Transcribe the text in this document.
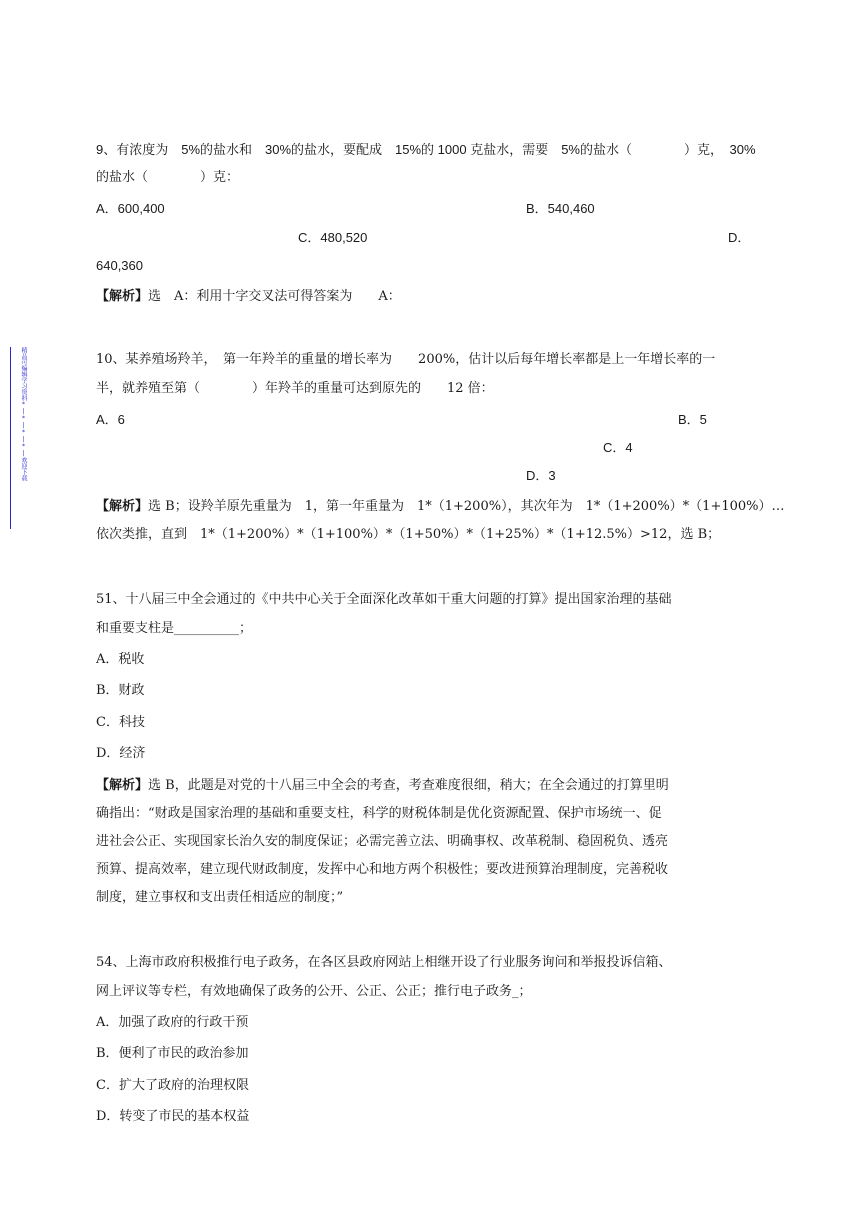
精品可编辑学习资料*|*|*|*|欢迎下载
9、有浓度为　5%的盐水和　30%的盐水，要配成　15%的 1000 克盐水，需要　5%的盐水（　　　　）克，　30%
的盐水（　　　　）克：
A．600,400	B．540,460
C．480,520	D．
640,360
【解析】选　A：利用十字交叉法可得答案为　　A：
10、某养殖场羚羊，　第一年羚羊的重量的增长率为　　200%，估计以后每年增长率都是上一年增长率的一
半，就养殖至第（　　　　）年羚羊的重量可达到原先的　　12 倍：
A．6	B．5
C．4
D．3
【解析】选 B；设羚羊原先重量为　1，第一年重量为　1*（1+200%），其次年为　1*（1+200%）*（1+100%）…
依次类推，直到　1*（1+200%）*（1+100%）*（1+50%）*（1+25%）*（1+12.5%）>12，选 B；
51、十八届三中全会通过的《中共中心关于全面深化改革如干重大问题的打算》提出国家治理的基础
和重要支柱是__________；
A．税收
B．财政
C．科技
D．经济
【解析】选 B，此题是对党的十八届三中全会的考查，考查难度很细，稍大；在全会通过的打算里明
确指出：“财政是国家治理的基础和重要支柱，科学的财税体制是优化资源配置、保护市场统一、促
进社会公正、实现国家长治久安的制度保证；必需完善立法、明确事权、改革税制、稳固税负、透亮
预算、提高效率，建立现代财政制度，发挥中心和地方两个积极性；要改进预算治理制度，完善税收
制度，建立事权和支出责任相适应的制度；”
54、上海市政府积极推行电子政务，在各区县政府网站上相继开设了行业服务询问和举报投诉信箱、
网上评议等专栏，有效地确保了政务的公开、公正、公正；推行电子政务_；
A．加强了政府的行政干预
B．便利了市民的政治参加
C．扩大了政府的治理权限
D．转变了市民的基本权益
